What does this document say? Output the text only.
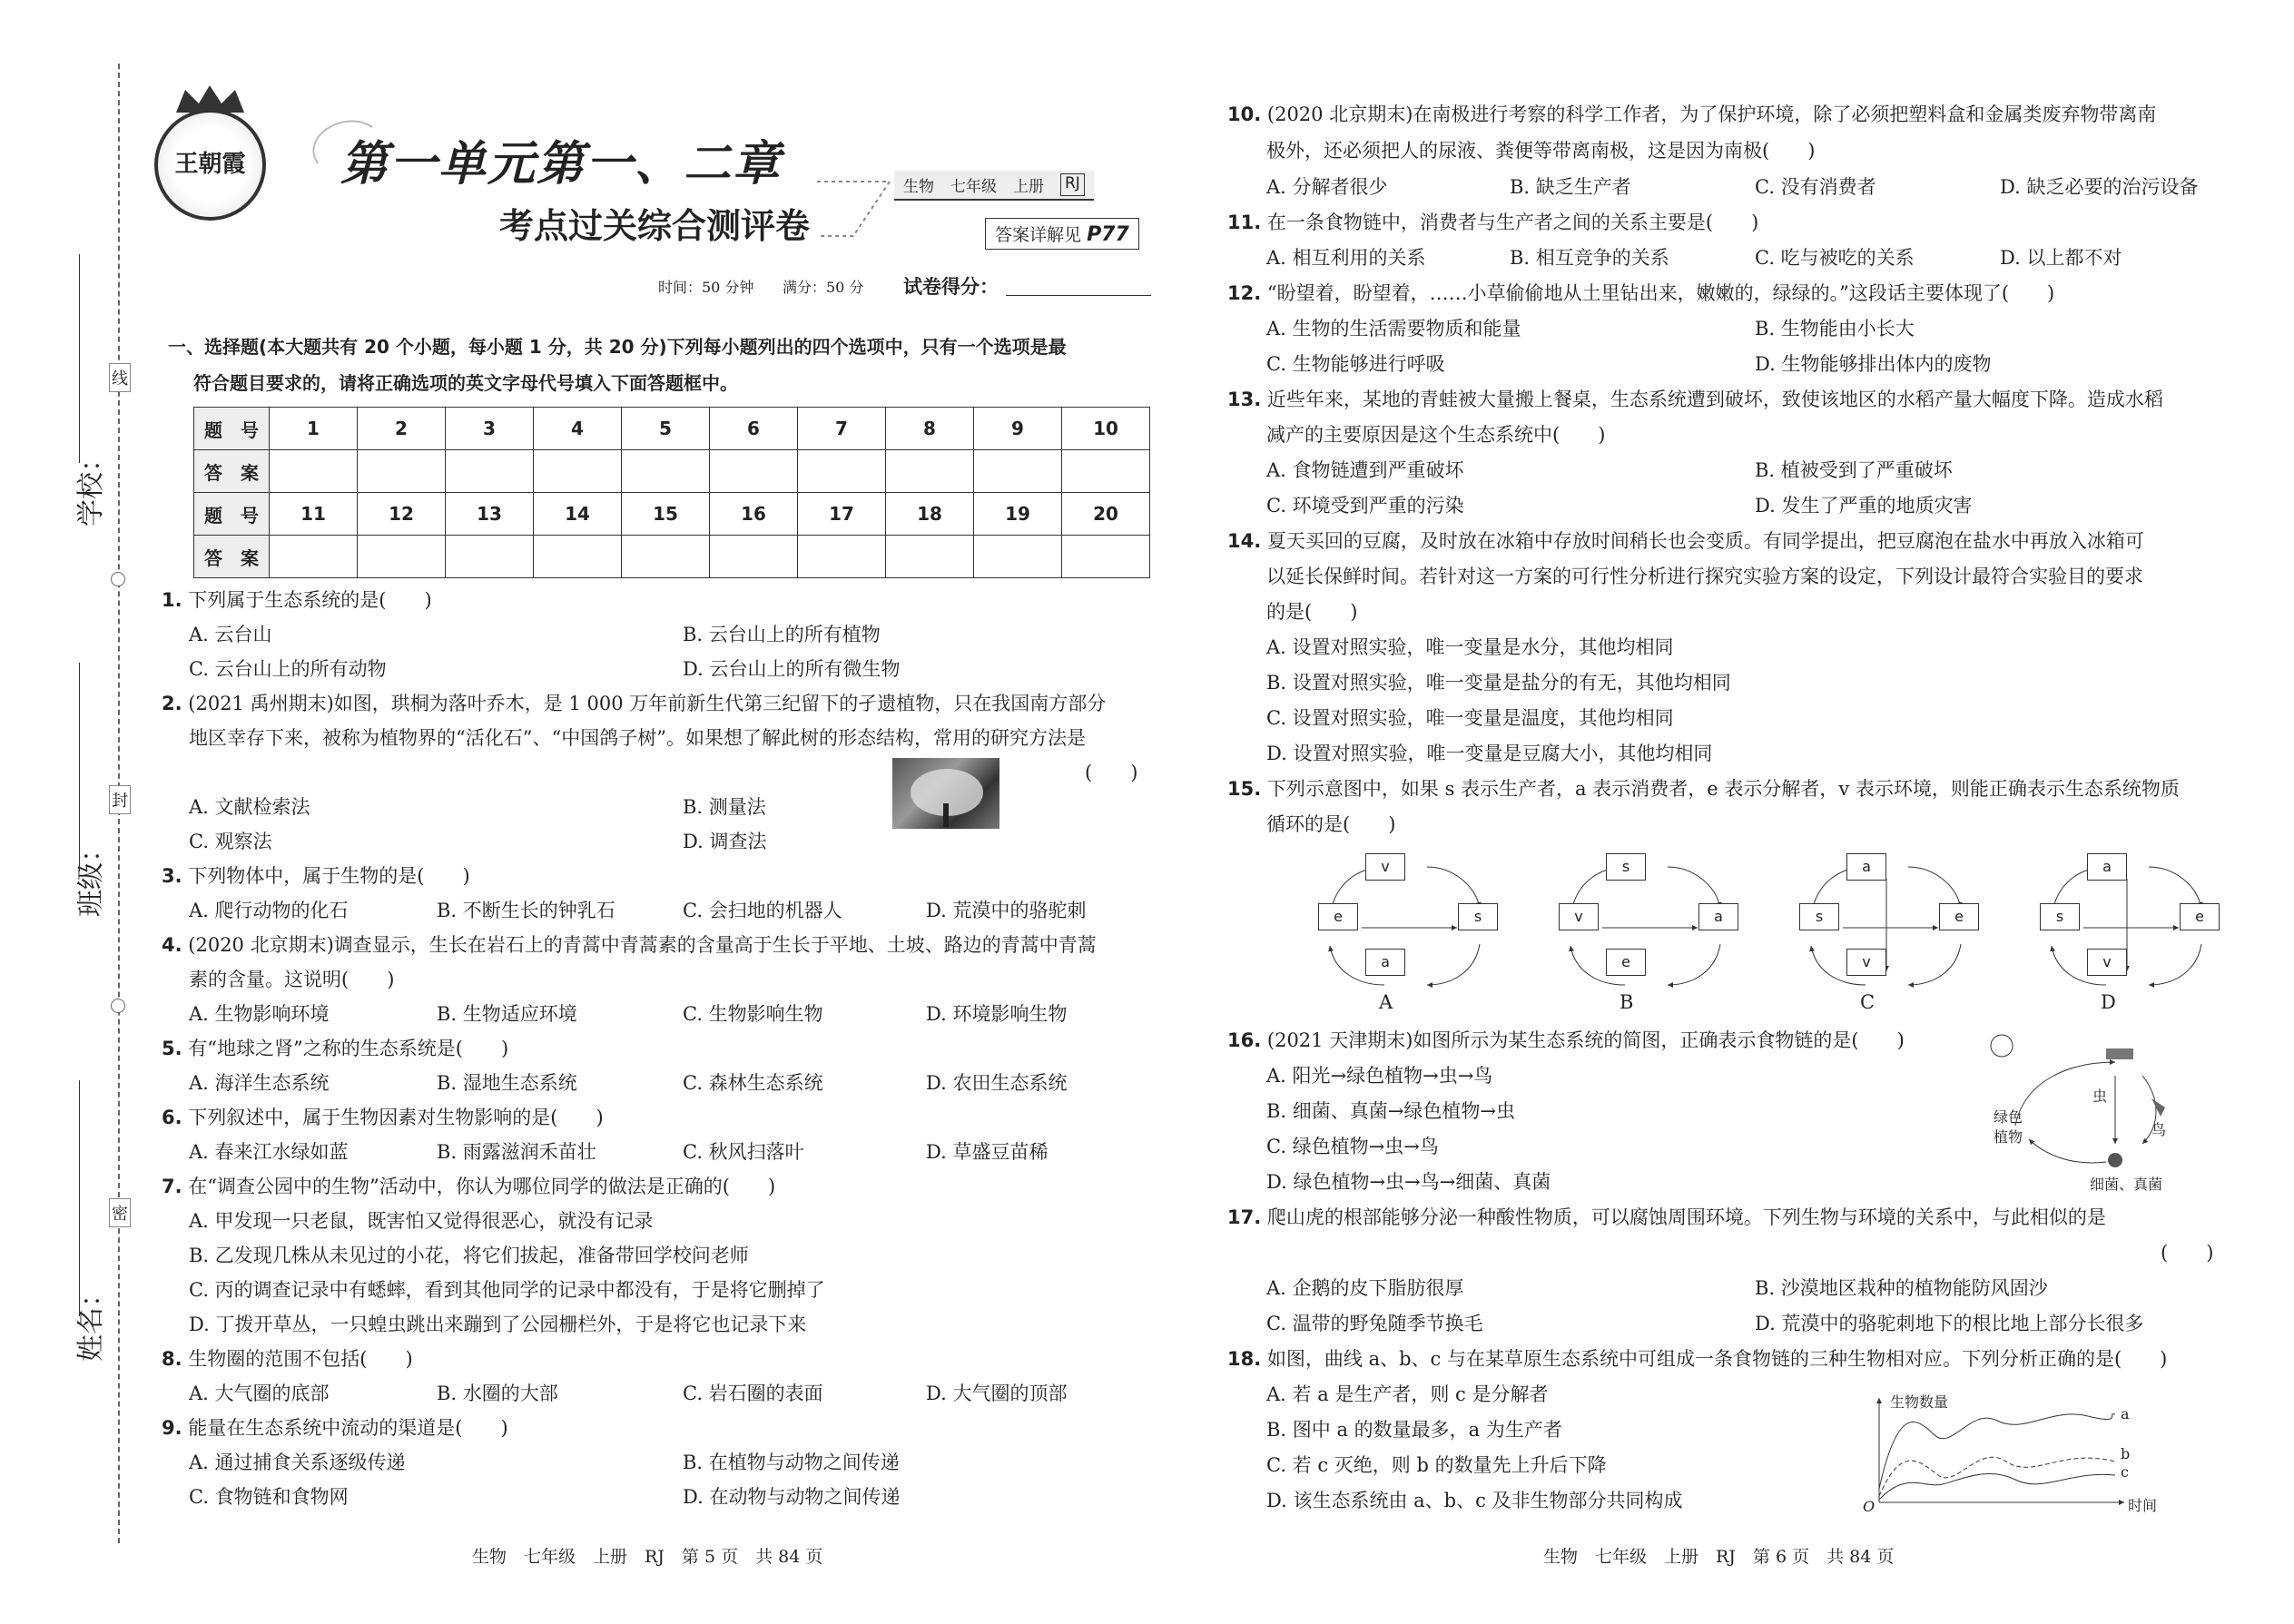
学校：
班级：
姓名：
线
封
密
王朝霞	第一单元第一、二章
考点过关综合测评卷
生物 七年级 上册 RJ
答案详解见 P77
时间：50 分钟 满分：50 分 试卷得分：
一、选择题(本大题共有 20 个小题，每小题 1 分，共 20 分)下列每小题列出的四个选项中，只有一个选项是最
符合题目要求的，请将正确选项的英文字母代号填入下面答题框中。
题　号	1	2	3	4	5	6	7	8	9	10
答　案										
题　号	11	12	13	14	15	16	17	18	19	20
答　案										
1. 下列属于生态系统的是(　　)
A. 云台山	B. 云台山上的所有植物
C. 云台山上的所有动物	D. 云台山上的所有微生物
2. (2021 禹州期末)如图，珙桐为落叶乔木，是 1 000 万年前新生代第三纪留下的孑遗植物，只在我国南方部分
地区幸存下来，被称为植物界的“活化石”、“中国鸽子树”。如果想了解此树的形态结构，常用的研究方法是
(　　)
A. 文献检索法	B. 测量法
C. 观察法	D. 调查法
3. 下列物体中，属于生物的是(　　)
A. 爬行动物的化石	B. 不断生长的钟乳石	C. 会扫地的机器人	D. 荒漠中的骆驼刺
4. (2020 北京期末)调查显示，生长在岩石上的青蒿中青蒿素的含量高于生长于平地、土坡、路边的青蒿中青蒿
素的含量。这说明(　　)
A. 生物影响环境	B. 生物适应环境	C. 生物影响生物	D. 环境影响生物
5. 有“地球之肾”之称的生态系统是(　　)
A. 海洋生态系统	B. 湿地生态系统	C. 森林生态系统	D. 农田生态系统
6. 下列叙述中，属于生物因素对生物影响的是(　　)
A. 春来江水绿如蓝	B. 雨露滋润禾苗壮	C. 秋风扫落叶	D. 草盛豆苗稀
7. 在“调查公园中的生物”活动中，你认为哪位同学的做法是正确的(　　)
A. 甲发现一只老鼠，既害怕又觉得很恶心，就没有记录
B. 乙发现几株从未见过的小花，将它们拔起，准备带回学校问老师
C. 丙的调查记录中有蟋蟀，看到其他同学的记录中都没有，于是将它删掉了
D. 丁拨开草丛，一只蝗虫跳出来蹦到了公园栅栏外，于是将它也记录下来
8. 生物圈的范围不包括(　　)
A. 大气圈的底部	B. 水圈的大部	C. 岩石圈的表面	D. 大气圈的顶部
9. 能量在生态系统中流动的渠道是(　　)
A. 通过捕食关系逐级传递	B. 在植物与动物之间传递
C. 食物链和食物网	D. 在动物与动物之间传递
生物　七年级　上册　RJ　第 5 页　共 84 页
10. (2020 北京期末)在南极进行考察的科学工作者，为了保护环境，除了必须把塑料盒和金属类废弃物带离南
极外，还必须把人的尿液、粪便等带离南极，这是因为南极(　　)
A. 分解者很少	B. 缺乏生产者	C. 没有消费者	D. 缺乏必要的治污设备
11. 在一条食物链中，消费者与生产者之间的关系主要是(　　)
A. 相互利用的关系	B. 相互竞争的关系	C. 吃与被吃的关系	D. 以上都不对
12. “盼望着，盼望着，……小草偷偷地从土里钻出来，嫩嫩的，绿绿的。”这段话主要体现了(　　)
A. 生物的生活需要物质和能量	B. 生物能由小长大
C. 生物能够进行呼吸	D. 生物能够排出体内的废物
13. 近些年来，某地的青蛙被大量搬上餐桌，生态系统遭到破坏，致使该地区的水稻产量大幅度下降。造成水稻
减产的主要原因是这个生态系统中(　　)
A. 食物链遭到严重破坏	B. 植被受到了严重破坏
C. 环境受到严重的污染	D. 发生了严重的地质灾害
14. 夏天买回的豆腐，及时放在冰箱中存放时间稍长也会变质。有同学提出，把豆腐泡在盐水中再放入冰箱可
以延长保鲜时间。若针对这一方案的可行性分析进行探究实验方案的设定，下列设计最符合实验目的要求
的是(　　)
A. 设置对照实验，唯一变量是水分，其他均相同
B. 设置对照实验，唯一变量是盐分的有无，其他均相同
C. 设置对照实验，唯一变量是温度，其他均相同
D. 设置对照实验，唯一变量是豆腐大小，其他均相同
15. 下列示意图中，如果 s 表示生产者，a 表示消费者，e 表示分解者，v 表示环境，则能正确表示生态系统物质
循环的是(　　)
v
e	s
a
s
v	a
e
a
s	e
v
a
s	e
v
A	B	C	D
16. (2021 天津期末)如图所示为某生态系统的简图，正确表示食物链的是(　　)
A. 阳光→绿色植物→虫→鸟
B. 细菌、真菌→绿色植物→虫
C. 绿色植物→虫→鸟
D. 绿色植物→虫→鸟→细菌、真菌
绿色
植物
虫
鸟
细菌、真菌
17. 爬山虎的根部能够分泌一种酸性物质，可以腐蚀周围环境。下列生物与环境的关系中，与此相似的是
(　　)
A. 企鹅的皮下脂肪很厚	B. 沙漠地区栽种的植物能防风固沙
C. 温带的野兔随季节换毛	D. 荒漠中的骆驼刺地下的根比地上部分长很多
18. 如图，曲线 a、b、c 与在某草原生态系统中可组成一条食物链的三种生物相对应。下列分析正确的是(　　)
A. 若 a 是生产者，则 c 是分解者
B. 图中 a 的数量最多，a 为生产者
C. 若 c 灭绝，则 b 的数量先上升后下降
D. 该生态系统由 a、b、c 及非生物部分共同构成
生物数量
时间
O
a
b
c
生物　七年级　上册　RJ　第 6 页　共 84 页
